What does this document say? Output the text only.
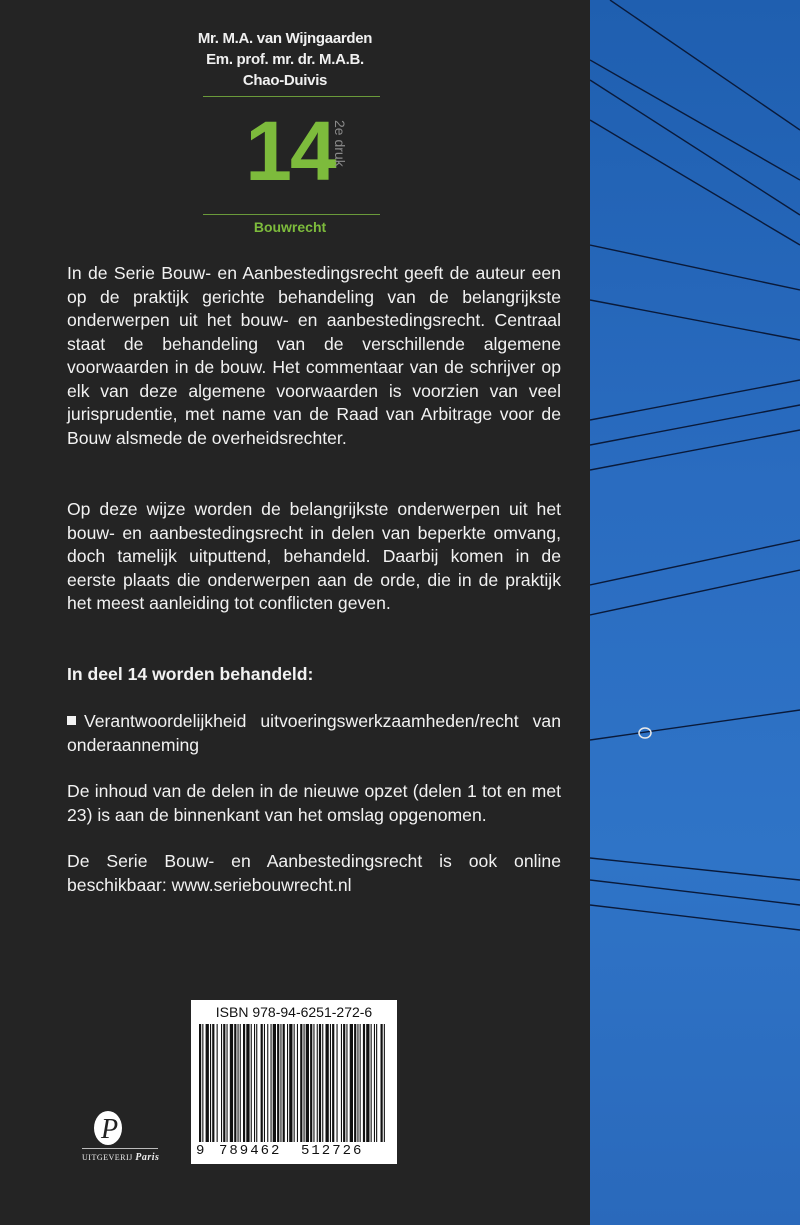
Mr. M.A. van Wijngaarden
Em. prof. mr. dr. M.A.B.
Chao-Duivis
14
2e druk
Bouwrecht

In de Serie Bouw- en Aanbestedingsrecht geeft de auteur een op de praktijk gerichte behandeling van de belangrijkste onderwerpen uit het bouw- en aanbestedingsrecht. Centraal staat de behandeling van de verschillende algemene voorwaarden in de bouw. Het commentaar van de schrijver op elk van deze algemene voorwaarden is voorzien van veel jurisprudentie, met name van de Raad van Arbitrage voor de Bouw alsmede de overheidsrechter.

Op deze wijze worden de belangrijkste onderwerpen uit het bouw- en aanbestedingsrecht in delen van beperkte omvang, doch tamelijk uitputtend, behandeld. Daarbij komen in de eerste plaats die onderwerpen aan de orde, die in de praktijk het meest aanleiding tot conflicten geven.

In deel 14 worden behandeld:

Verantwoordelijkheid uitvoeringswerkzaamheden/recht van onderaanneming

De inhoud van de delen in de nieuwe opzet (delen 1 tot en met 23) is aan de binnenkant van het omslag opgenomen.

De Serie Bouw- en Aanbestedingsrecht is ook online beschikbaar: www.seriebouwrecht.nl

ISBN 978-94-6251-272-6
9 789462 512726
P
UITGEVERIJ Paris
